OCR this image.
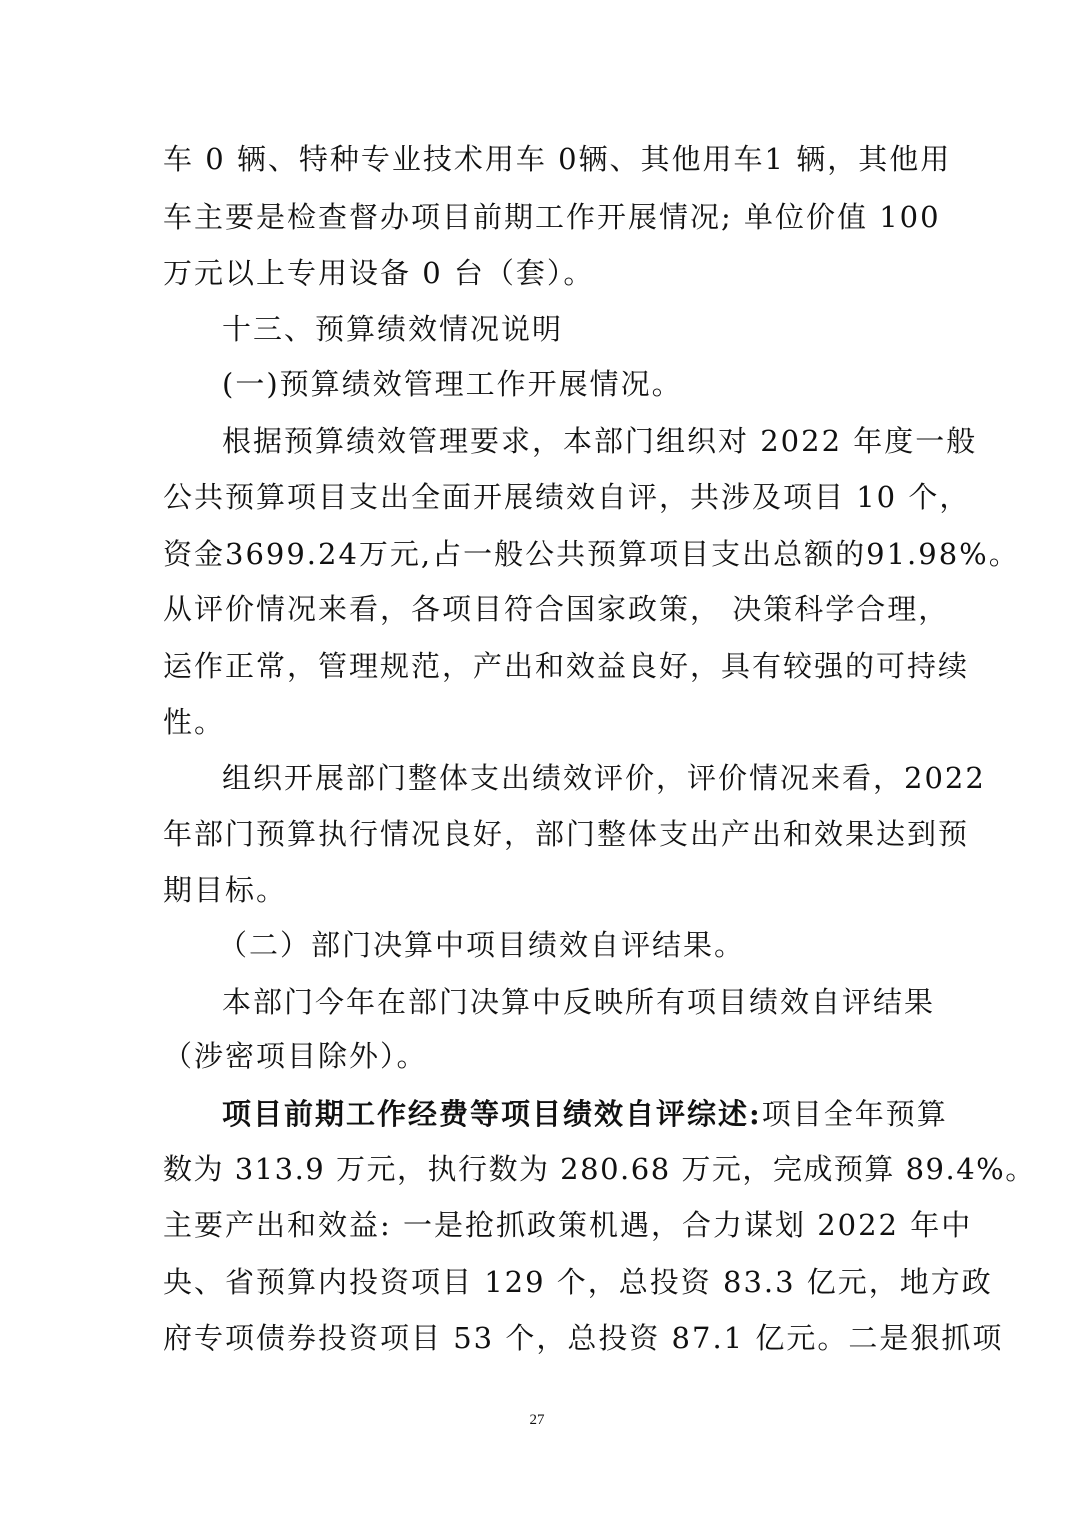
车 0 辆、特种专业技术用车 0辆、其他用车1 辆，其他用
车主要是检查督办项目前期工作开展情况; 单位价值 100
万元以上专用设备 0 台（套）。
十三、预算绩效情况说明
(一)预算绩效管理工作开展情况。
根据预算绩效管理要求，本部门组织对 2022 年度一般
公共预算项目支出全面开展绩效自评，共涉及项目 10 个，
资金3699.24万元,占一般公共预算项目支出总额的91.98%。
从评价情况来看，各项目符合国家政策， 决策科学合理，
运作正常，管理规范，产出和效益良好，具有较强的可持续
性。
组织开展部门整体支出绩效评价，评价情况来看，2022
年部门预算执行情况良好，部门整体支出产出和效果达到预
期目标。
（二）部门决算中项目绩效自评结果。
本部门今年在部门决算中反映所有项目绩效自评结果
（涉密项目除外）。
项目前期工作经费等项目绩效自评综述:项目全年预算
数为 313.9 万元，执行数为 280.68 万元，完成预算 89.4%。
主要产出和效益: 一是抢抓政策机遇，合力谋划 2022 年中
央、省预算内投资项目 129 个，总投资 83.3 亿元，地方政
府专项债券投资项目 53 个，总投资 87.1 亿元。二是狠抓项
27
